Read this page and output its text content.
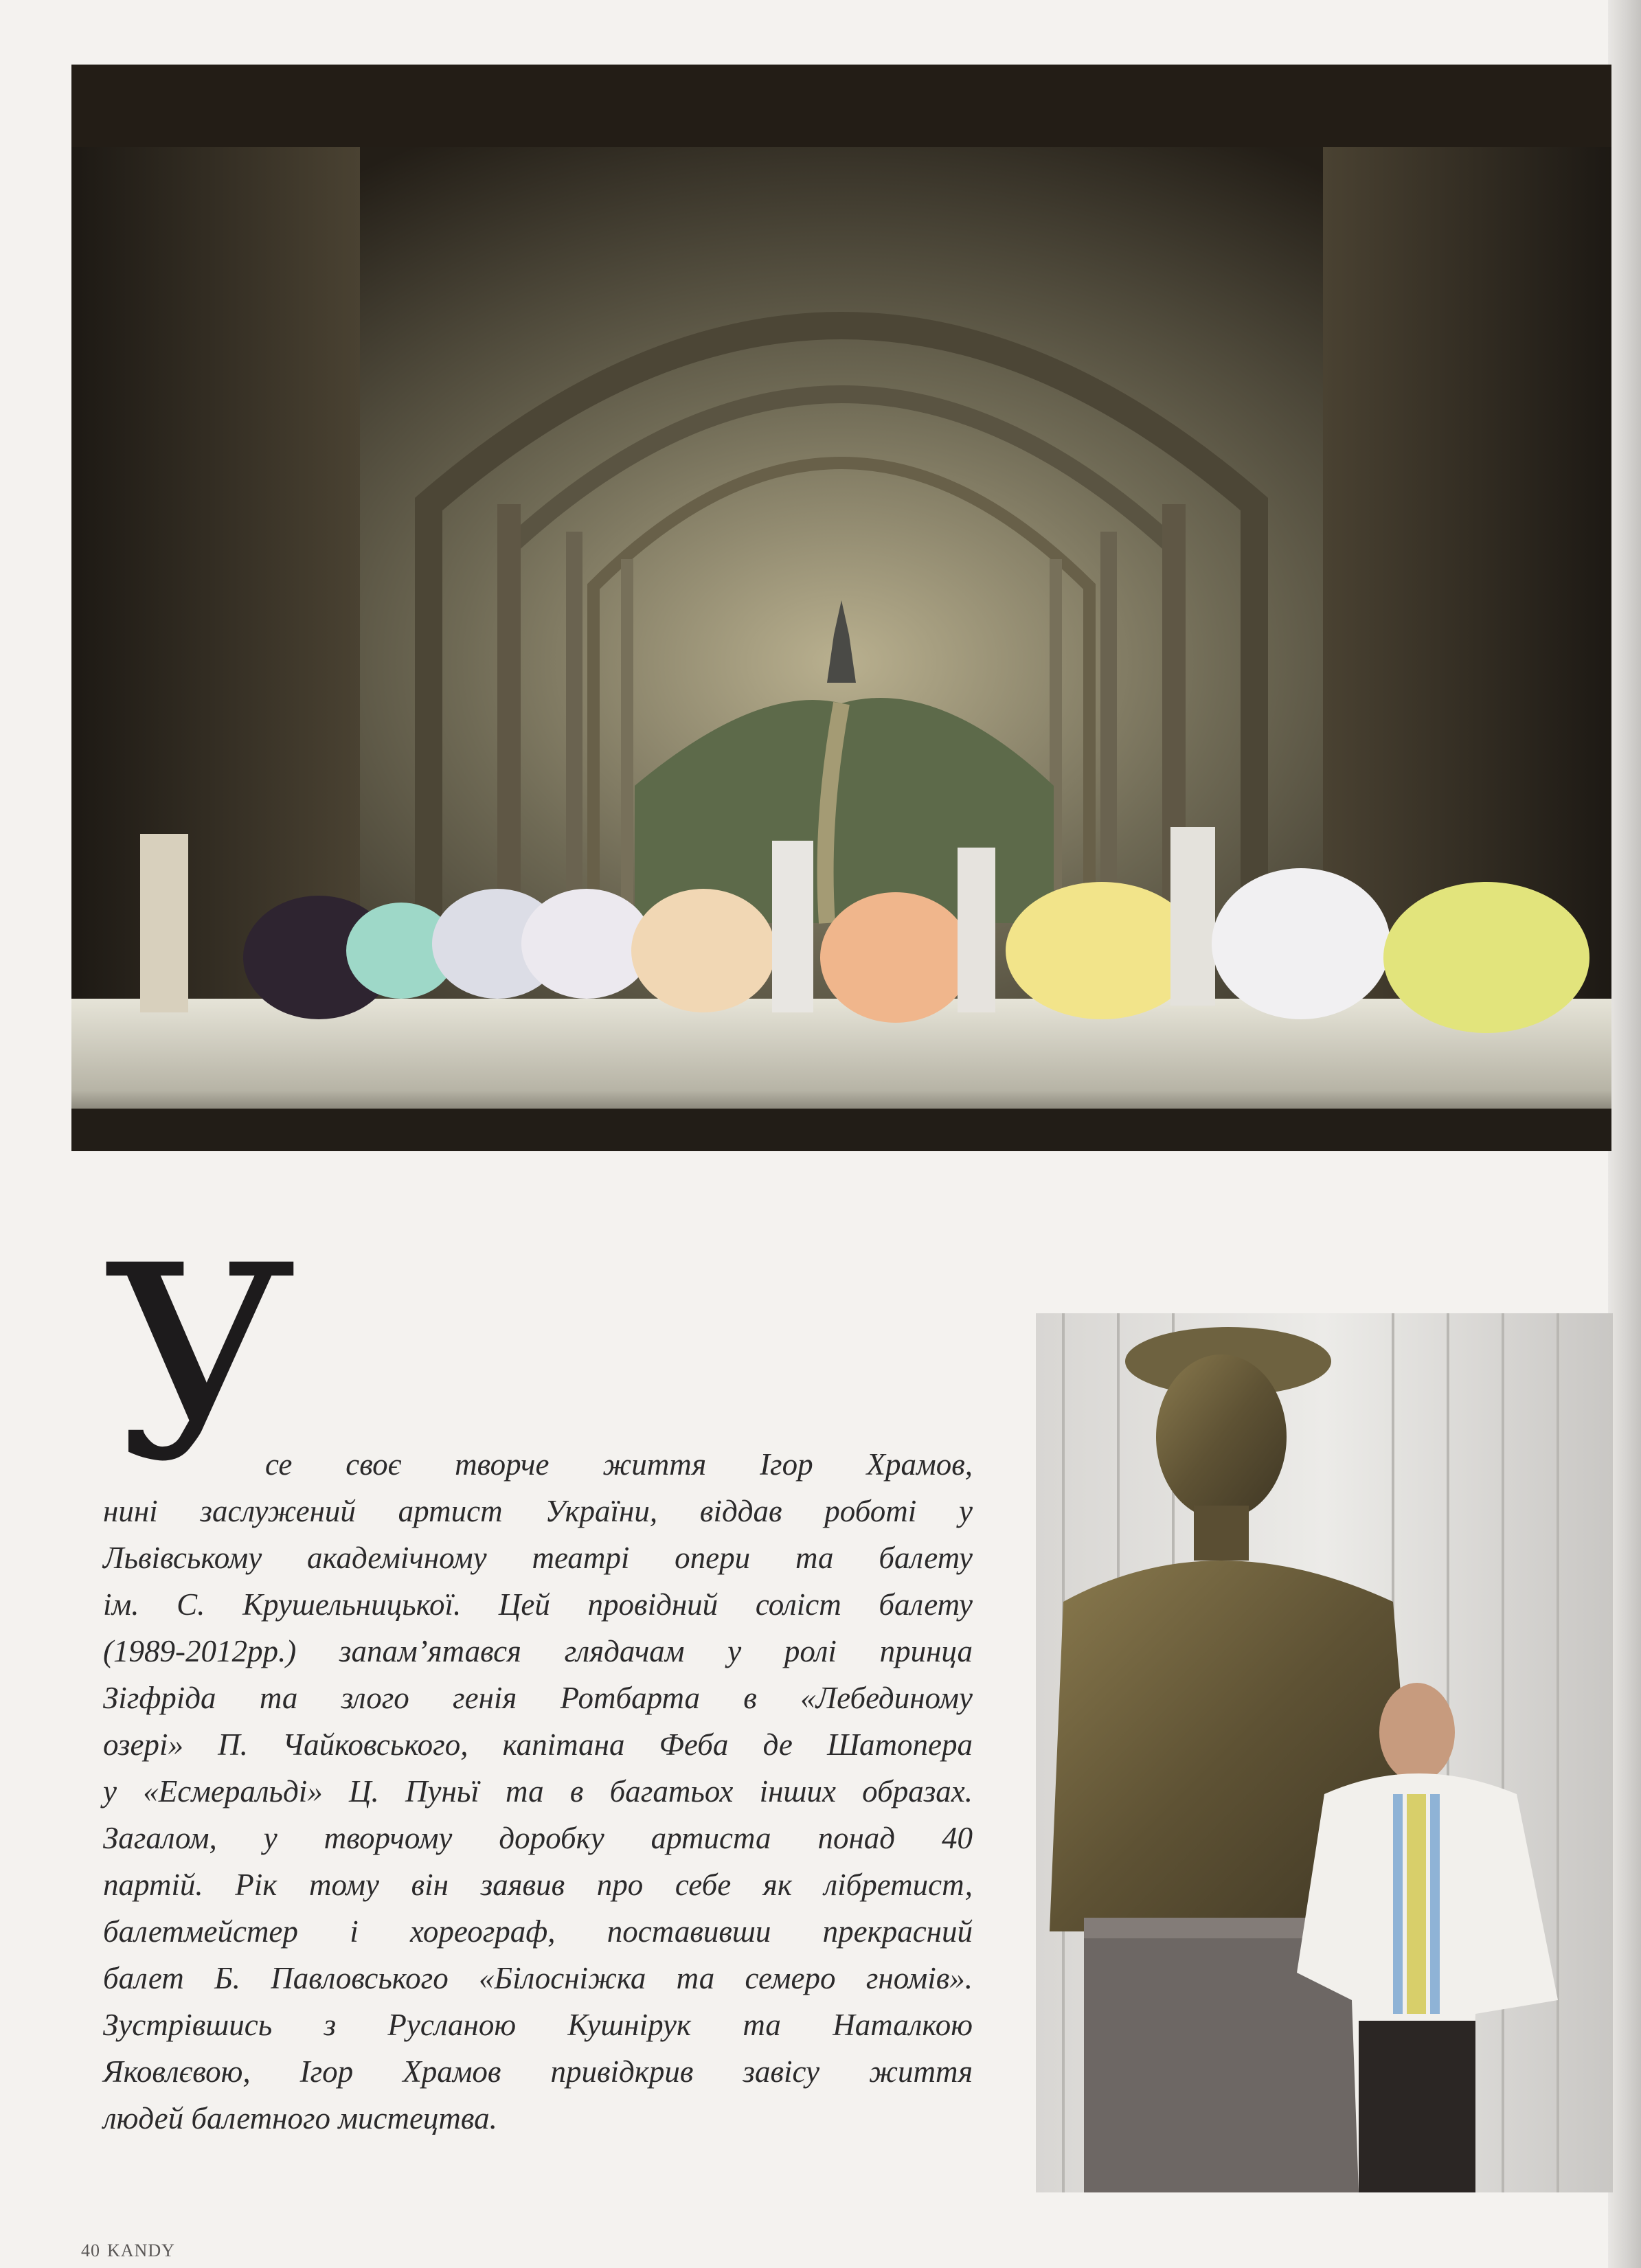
У
се своє творче життя Ігор Храмов,
нині заслужений артист України, віддав роботі у
Львівському академічному театрі опери та балету
ім. С. Крушельницької. Цей провідний соліст балету
(1989-2012рр.) запам’ятався глядачам у ролі принца
Зігфріда та злого генія Ротбарта в «Лебединому
озері» П. Чайковського, капітана Феба де Шатопера
у «Есмеральді» Ц. Пуньї та в багатьох інших образах.
Загалом, у творчому доробку артиста понад 40
партій. Рік тому він заявив про себе як лібретист,
балетмейстер і хореограф, поставивши прекрасний
балет Б. Павловського «Білосніжка та семеро гномів».
Зустрівшись з Русланою Кушнірук та Наталкою
Яковлєвою, Ігор Храмов привідкрив завісу життя
людей балетного мистецтва.
40 KANDY
